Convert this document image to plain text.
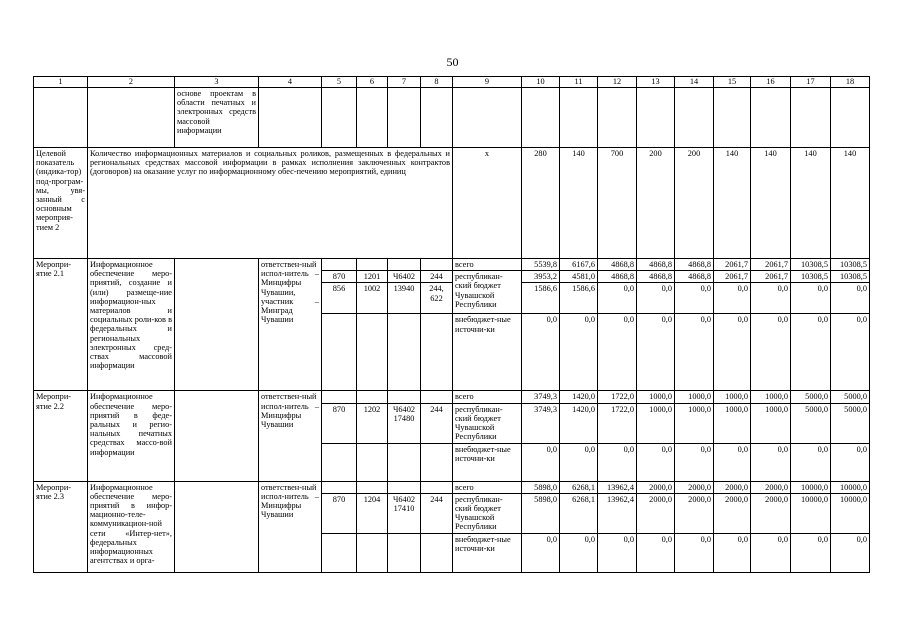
50
1	2	3	4	5	6	7	8	9	10	11	12	13	14	15	16	17	18
		основе проектам в области печатных и электронных средств массовой информации															
Целевой показатель (индика-тор) под-програм-мы, увя-занный с основным мероприя-тием 2	Количество информационных материалов и социальных роликов, размещенных в федеральных и региональных средствах массовой информации в рамках исполнения заключенных контрактов (договоров) на оказание услуг по информационному обес-печению мероприятий, единиц							х	280	140	700	200	200	140	140	140	140
Меропри-ятие 2.1	Информационное обеспечение меро-приятий, создание и (или) размеще-ние информацион-ных материалов и социальных роли-ков в федеральных и региональных электронных сред-ствах массовой информации		ответствен-ный испол-нитель – Минцифры Чувашии, участник – Минград Чувашии					всего	5539,8	6167,6	4868,8	4868,8	4868,8	2061,7	2061,7	10308,5	10308,5
				870	1201	Ч6402	244	республикан-ский бюджет Чувашской Республики	3953,2	4581,0	4868,8	4868,8	4868,8	2061,7	2061,7	10308,5	10308,5
				856	1002	13940	244, 622		1586,6	1586,6	0,0	0,0	0,0	0,0	0,0	0,0	0,0
								внебюджет-ные источни-ки	0,0	0,0	0,0	0,0	0,0	0,0	0,0	0,0	0,0
Меропри-ятие 2.2	Информационное обеспечение меро-приятий в феде-ральных и регио-нальных печатных средствах массо-вой информации		ответствен-ный испол-нитель – Минцифры Чувашии					всего	3749,3	1420,0	1722,0	1000,0	1000,0	1000,0	1000,0	5000,0	5000,0
				870	1202	Ч6402 17480	244	республикан-ский бюджет Чувашской Республики	3749,3	1420,0	1722,0	1000,0	1000,0	1000,0	1000,0	5000,0	5000,0
								внебюджет-ные источни-ки	0,0	0,0	0,0	0,0	0,0	0,0	0,0	0,0	0,0
Меропри-ятие 2.3	Информационное обеспечение меро-приятий в инфор-мационно-теле-коммуникацион-ной сети «Интер-нет», федеральных информационных агентствах и орга-		ответствен-ный испол-нитель – Минцифры Чувашии					всего	5898,0	6268,1	13962,4	2000,0	2000,0	2000,0	2000,0	10000,0	10000,0
				870	1204	Ч6402 17410	244	республикан-ский бюджет Чувашской Республики	5898,0	6268,1	13962,4	2000,0	2000,0	2000,0	2000,0	10000,0	10000,0
								внебюджет-ные источни-ки	0,0	0,0	0,0	0,0	0,0	0,0	0,0	0,0	0,0
